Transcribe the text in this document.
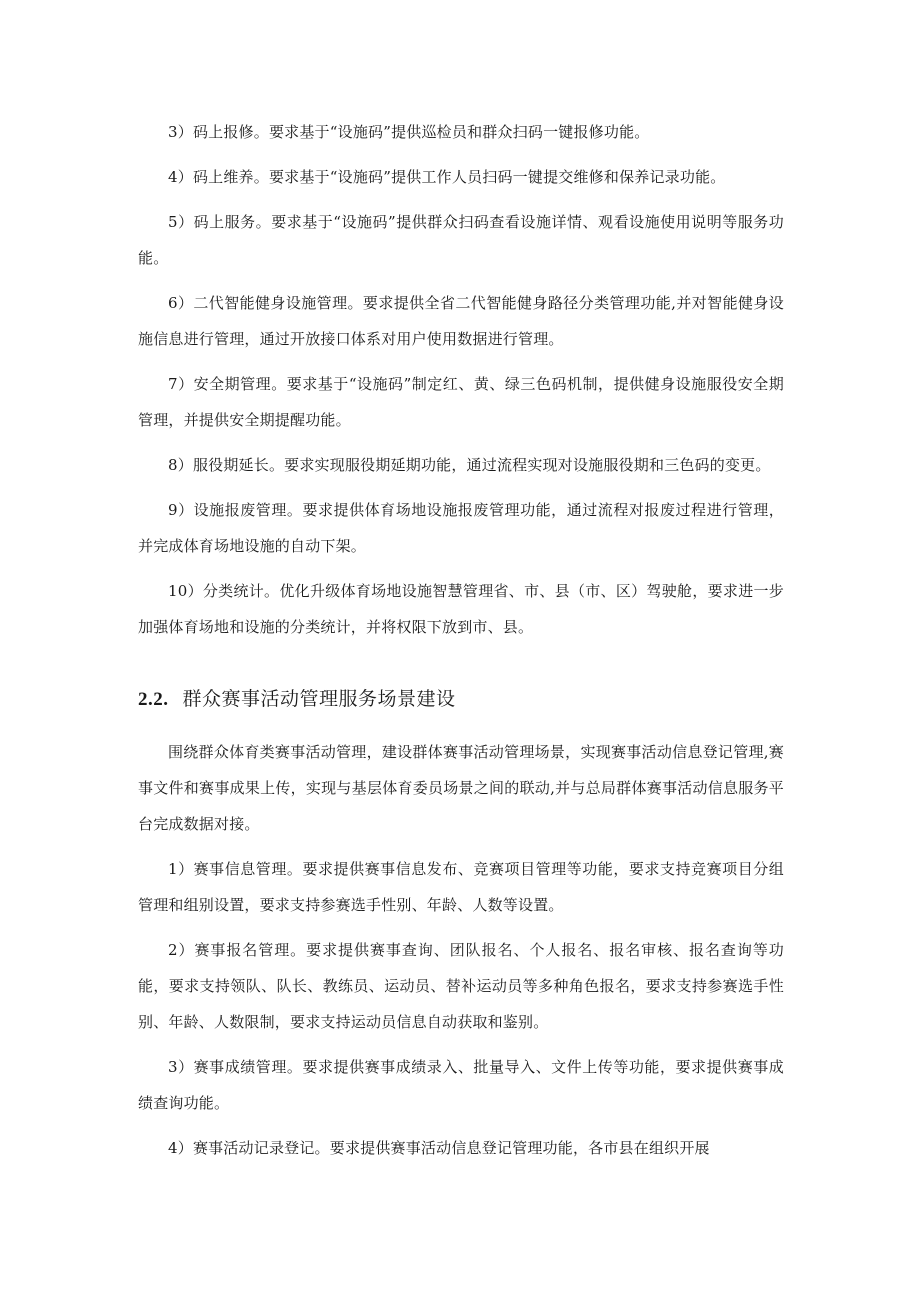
3）码上报修。要求基于“设施码”提供巡检员和群众扫码一键报修功能。

4）码上维养。要求基于“设施码”提供工作人员扫码一键提交维修和保养记录功能。

5）码上服务。要求基于“设施码”提供群众扫码查看设施详情、观看设施使用说明等服务功能。

6）二代智能健身设施管理。要求提供全省二代智能健身路径分类管理功能,并对智能健身设施信息进行管理，通过开放接口体系对用户使用数据进行管理。

7）安全期管理。要求基于“设施码”制定红、黄、绿三色码机制，提供健身设施服役安全期管理，并提供安全期提醒功能。

8）服役期延长。要求实现服役期延期功能，通过流程实现对设施服役期和三色码的变更。

9）设施报废管理。要求提供体育场地设施报废管理功能，通过流程对报废过程进行管理，并完成体育场地设施的自动下架。

10）分类统计。优化升级体育场地设施智慧管理省、市、县（市、区）驾驶舱，要求进一步加强体育场地和设施的分类统计，并将权限下放到市、县。

2.2. 群众赛事活动管理服务场景建设

围绕群众体育类赛事活动管理，建设群体赛事活动管理场景，实现赛事活动信息登记管理,赛事文件和赛事成果上传，实现与基层体育委员场景之间的联动,并与总局群体赛事活动信息服务平台完成数据对接。

1）赛事信息管理。要求提供赛事信息发布、竞赛项目管理等功能，要求支持竞赛项目分组管理和组别设置，要求支持参赛选手性别、年龄、人数等设置。

2）赛事报名管理。要求提供赛事查询、团队报名、个人报名、报名审核、报名查询等功能，要求支持领队、队长、教练员、运动员、替补运动员等多种角色报名，要求支持参赛选手性别、年龄、人数限制，要求支持运动员信息自动获取和鉴别。

3）赛事成绩管理。要求提供赛事成绩录入、批量导入、文件上传等功能，要求提供赛事成绩查询功能。

4）赛事活动记录登记。要求提供赛事活动信息登记管理功能，各市县在组织开展
